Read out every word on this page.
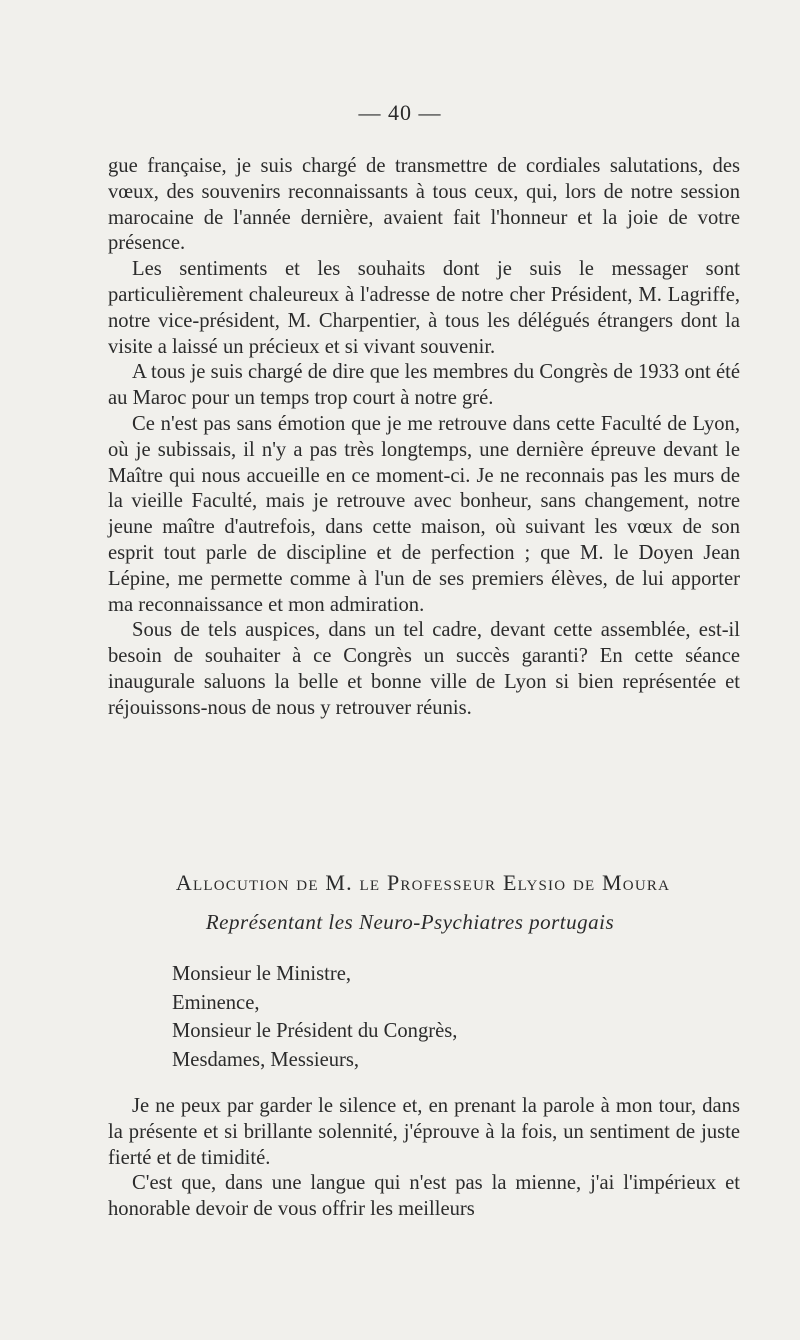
— 40 —

gue française, je suis chargé de transmettre de cordiales salutations, des vœux, des souvenirs reconnaissants à tous ceux, qui, lors de notre session marocaine de l'année dernière, avaient fait l'honneur et la joie de votre présence.

Les sentiments et les souhaits dont je suis le messager sont particulièrement chaleureux à l'adresse de notre cher Président, M. Lagriffe, notre vice-président, M. Charpentier, à tous les délégués étrangers dont la visite a laissé un précieux et si vivant souvenir.

A tous je suis chargé de dire que les membres du Congrès de 1933 ont été au Maroc pour un temps trop court à notre gré.

Ce n'est pas sans émotion que je me retrouve dans cette Faculté de Lyon, où je subissais, il n'y a pas très longtemps, une dernière épreuve devant le Maître qui nous accueille en ce moment-ci. Je ne reconnais pas les murs de la vieille Faculté, mais je retrouve avec bonheur, sans changement, notre jeune maître d'autrefois, dans cette maison, où suivant les vœux de son esprit tout parle de discipline et de perfection ; que M. le Doyen Jean Lépine, me permette comme à l'un de ses premiers élèves, de lui apporter ma reconnaissance et mon admiration.

Sous de tels auspices, dans un tel cadre, devant cette assemblée, est-il besoin de souhaiter à ce Congrès un succès garanti? En cette séance inaugurale saluons la belle et bonne ville de Lyon si bien représentée et réjouissons-nous de nous y retrouver réunis.

Allocution de M. le Professeur Elysio de Moura
Représentant les Neuro-Psychiatres portugais
Monsieur le Ministre,
Eminence,
Monsieur le Président du Congrès,
Mesdames, Messieurs,

Je ne peux par garder le silence et, en prenant la parole à mon tour, dans la présente et si brillante solennité, j'éprouve à la fois, un sentiment de juste fierté et de timidité.

C'est que, dans une langue qui n'est pas la mienne, j'ai l'impérieux et honorable devoir de vous offrir les meilleurs
